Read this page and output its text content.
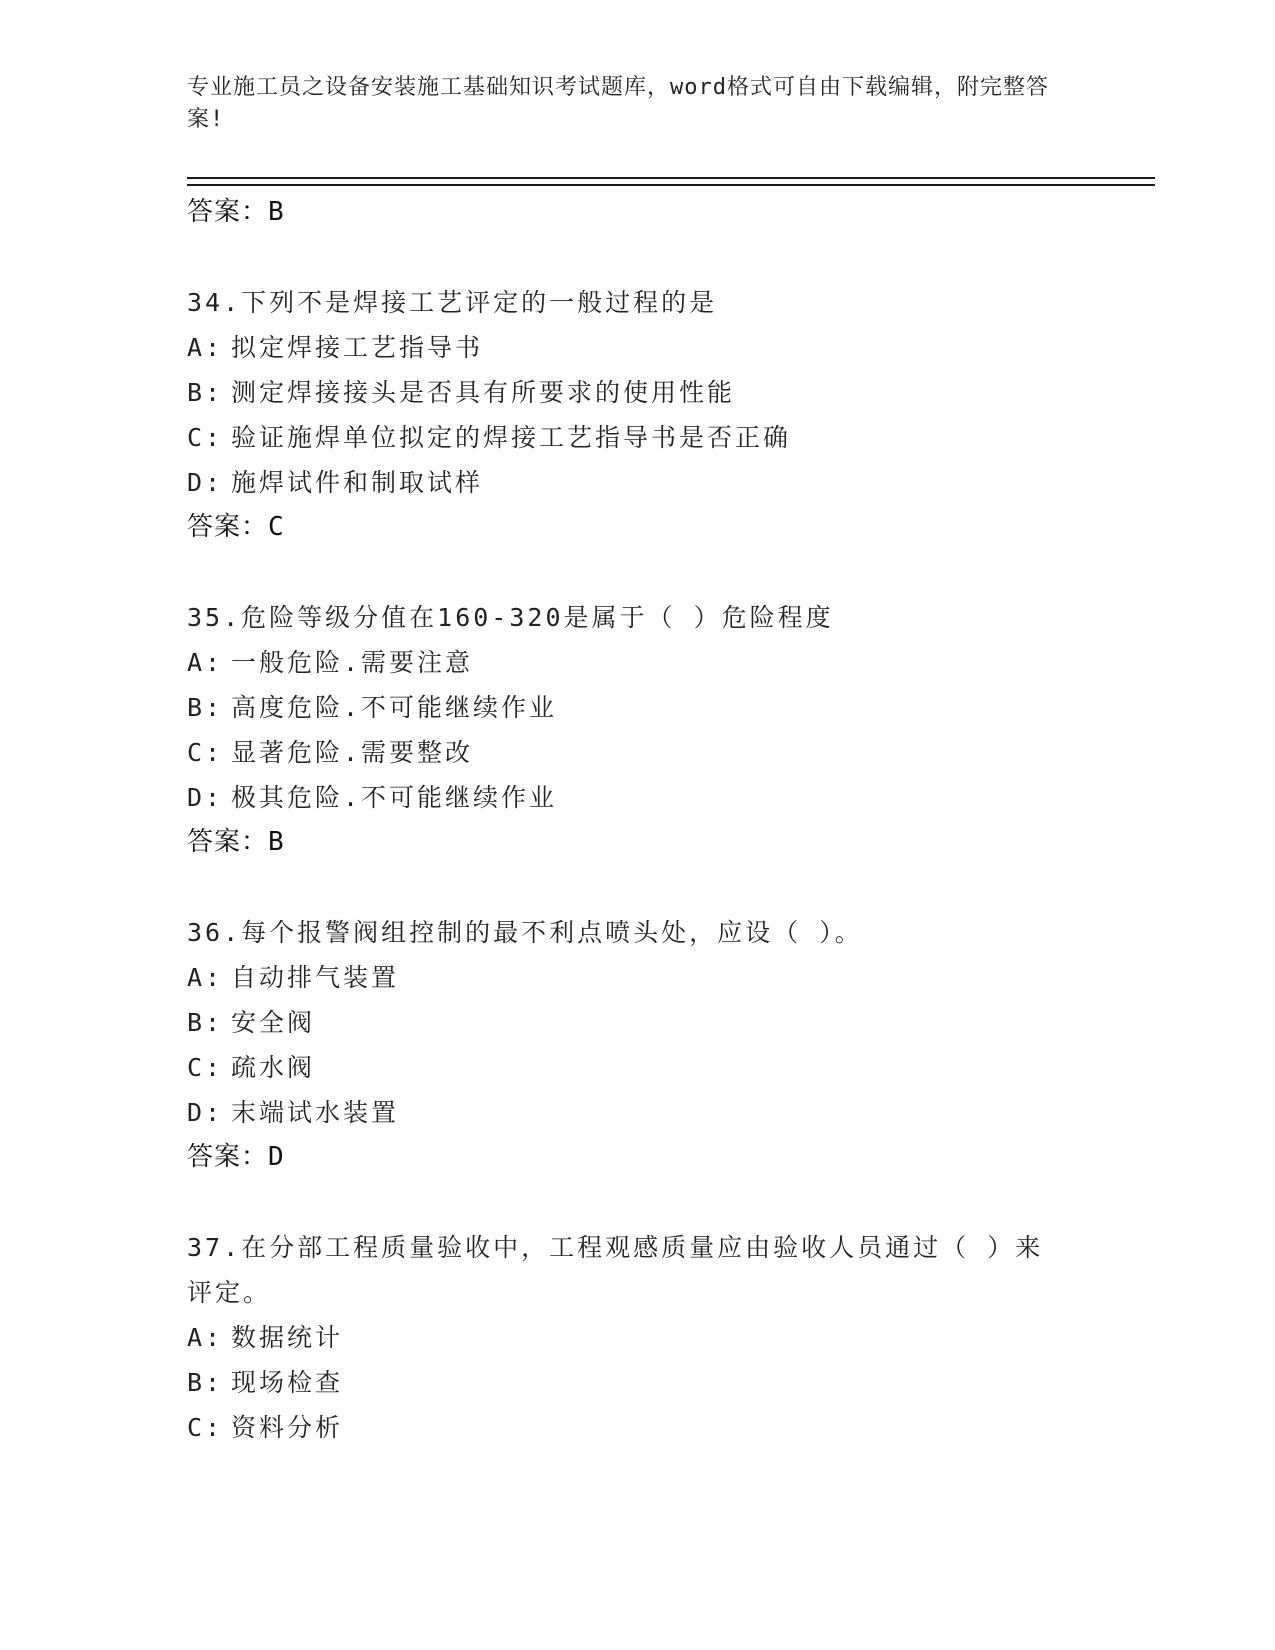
专业施工员之设备安装施工基础知识考试题库，word格式可自由下载编辑，附完整答案!

答案：B

34.下列不是焊接工艺评定的一般过程的是

A: 拟定焊接工艺指导书

B: 测定焊接接头是否具有所要求的使用性能

C: 验证施焊单位拟定的焊接工艺指导书是否正确

D: 施焊试件和制取试样

答案：C

35.危险等级分值在160-320是属于（ ）危险程度

A: 一般危险.需要注意

B: 高度危险.不可能继续作业

C: 显著危险.需要整改

D: 极其危险.不可能继续作业

答案：B

36.每个报警阀组控制的最不利点喷头处，应设（ ）。

A: 自动排气装置

B: 安全阀

C: 疏水阀

D: 末端试水装置

答案：D

37.在分部工程质量验收中，工程观感质量应由验收人员通过（ ）来评定。

A: 数据统计

B: 现场检查

C: 资料分析
